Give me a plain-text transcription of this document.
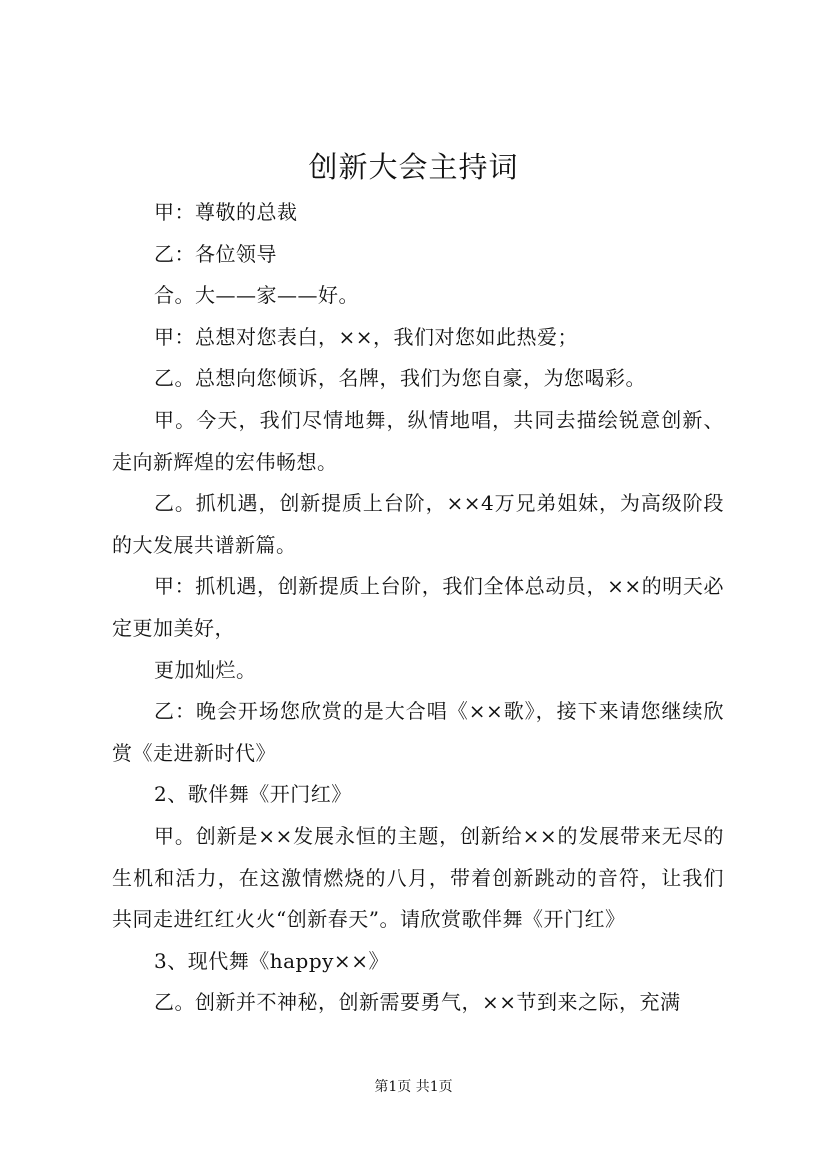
创新大会主持词

甲：尊敬的总裁

乙：各位领导

合。大——家——好。

甲：总想对您表白，××，我们对您如此热爱；

乙。总想向您倾诉，名牌，我们为您自豪，为您喝彩。

甲。今天，我们尽情地舞，纵情地唱，共同去描绘锐意创新、走向新辉煌的宏伟畅想。

乙。抓机遇，创新提质上台阶，××4万兄弟姐妹，为高级阶段的大发展共谱新篇。

甲：抓机遇，创新提质上台阶，我们全体总动员，××的明天必定更加美好，

更加灿烂。

乙：晚会开场您欣赏的是大合唱《××歌》，接下来请您继续欣赏《走进新时代》

2、歌伴舞《开门红》

甲。创新是××发展永恒的主题，创新给××的发展带来无尽的生机和活力，在这激情燃烧的八月，带着创新跳动的音符，让我们共同走进红红火火“创新春天”。请欣赏歌伴舞《开门红》

3、现代舞《happy××》

乙。创新并不神秘，创新需要勇气，××节到来之际，充满

第1页 共1页
